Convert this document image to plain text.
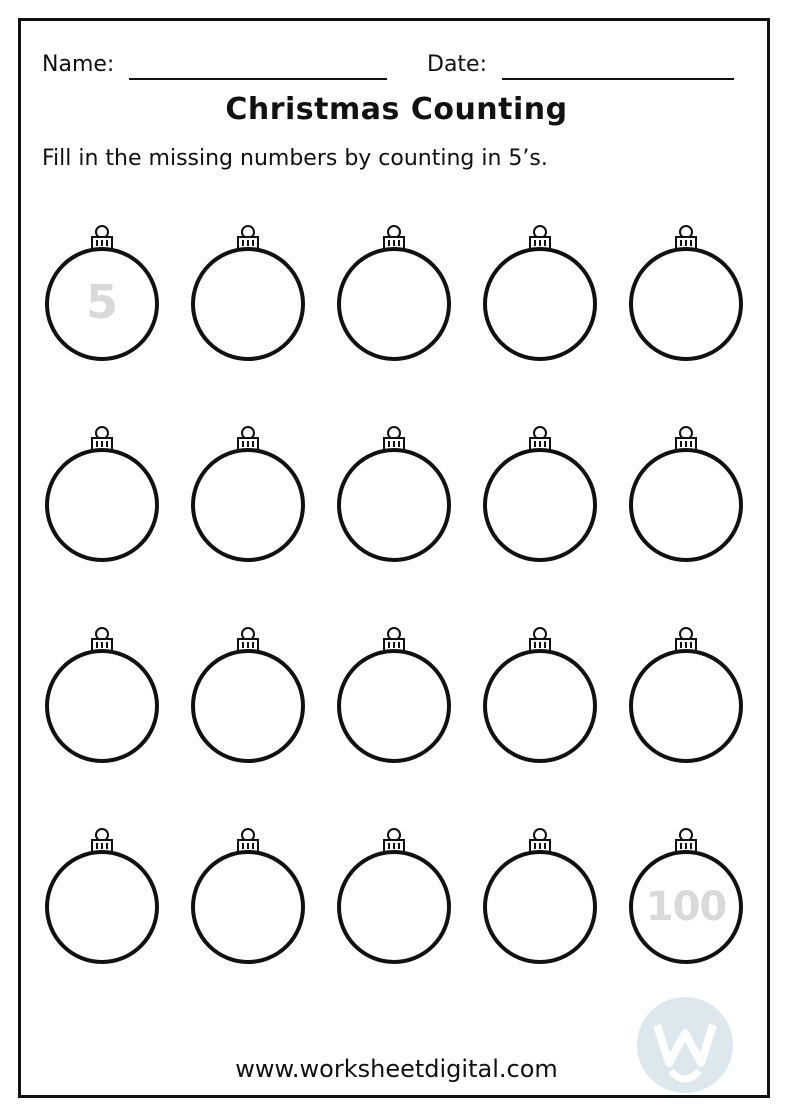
Name:	Date:
Christmas Counting
Fill in the missing numbers by counting in 5’s.
5
100
www.worksheetdigital.com
